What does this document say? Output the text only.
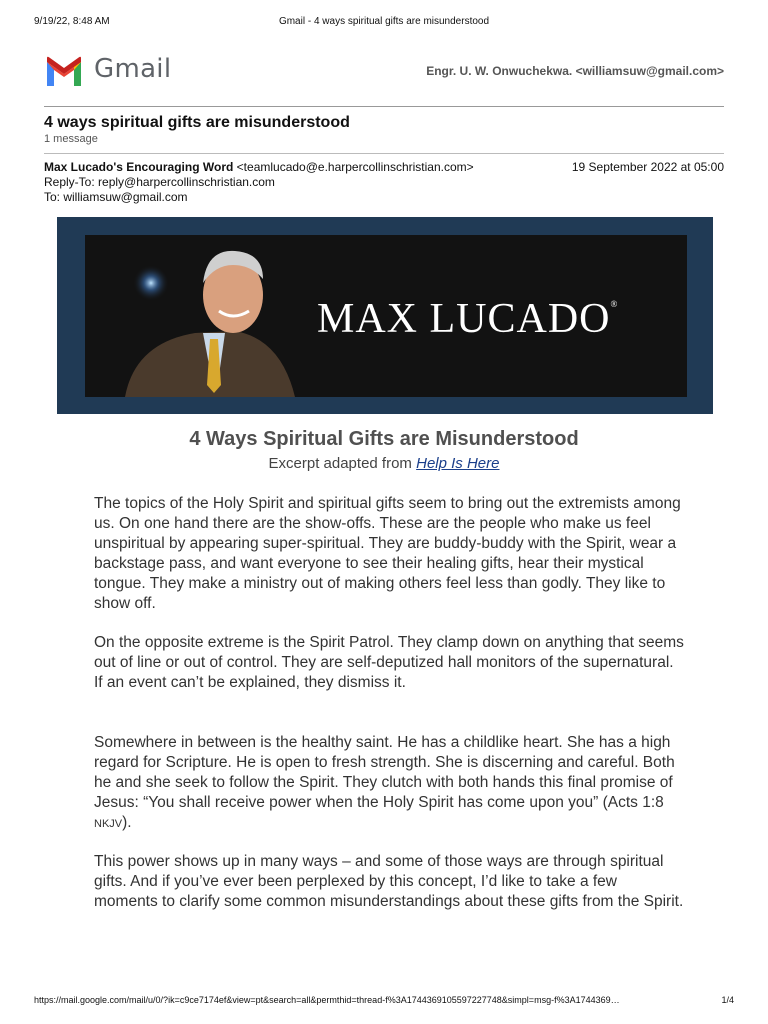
9/19/22, 8:48 AM	Gmail - 4 ways spiritual gifts are misunderstood
Gmail	Engr. U. W. Onwuchekwa. <williamsuw@gmail.com>
4 ways spiritual gifts are misunderstood
1 message
Max Lucado's Encouraging Word <teamlucado@e.harpercollinschristian.com>	19 September 2022 at 05:00
Reply-To: reply@harpercollinschristian.com
To: williamsuw@gmail.com
MAX LUCADO®
4 Ways Spiritual Gifts are Misunderstood
Excerpt adapted from Help Is Here

The topics of the Holy Spirit and spiritual gifts seem to bring out the extremists among us. On one hand there are the show-offs. These are the people who make us feel unspiritual by appearing super-spiritual. They are buddy-buddy with the Spirit, wear a backstage pass, and want everyone to see their healing gifts, hear their mystical tongue. They make a ministry out of making others feel less than godly. They like to show off.

On the opposite extreme is the Spirit Patrol. They clamp down on anything that seems out of line or out of control. They are self-deputized hall monitors of the supernatural. If an event can’t be explained, they dismiss it.

Somewhere in between is the healthy saint. He has a childlike heart. She has a high regard for Scripture. He is open to fresh strength. She is discerning and careful. Both he and she seek to follow the Spirit. They clutch with both hands this final promise of Jesus: “You shall receive power when the Holy Spirit has come upon you” (Acts 1:8 NKJV).

This power shows up in many ways – and some of those ways are through spiritual gifts. And if you’ve ever been perplexed by this concept, I’d like to take a few moments to clarify some common misunderstandings about these gifts from the Spirit.

https://mail.google.com/mail/u/0/?ik=c9ce7174ef&view=pt&search=all&permthid=thread-f%3A1744369105597227748&simpl=msg-f%3A1744369…	1/4
